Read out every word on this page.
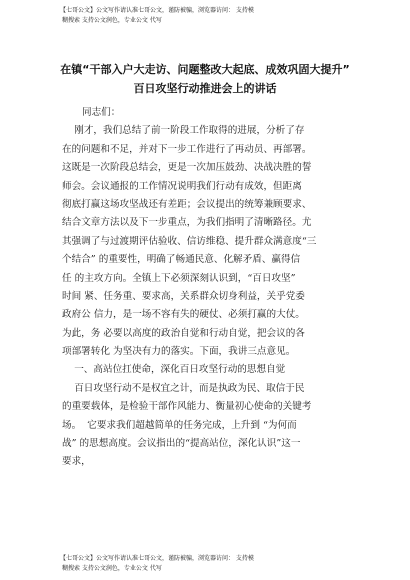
【七哥公文】公文写作请认准七哥公文，谨防被骗，浏览器访问： 支持模
糊搜索 支持公文润色，专业公文 代写
在镇“干部入户大走访、问题整改大起底、成效巩固大提升”
百日攻坚行动推进会上的讲话
同志们：
刚才，我们总结了前一阶段工作取得的进展，分析了存
在的问题和不足，并对下一步工作进行了再动员、再部署。
这既是一次阶段总结会，更是一次加压鼓劲、决战决胜的誓
师会。会议通报的工作情况说明我们行动有成效，但距离
彻底打赢这场攻坚战还有差距；会议提出的统筹兼顾要求、
结合文章方法以及下一步重点，为我们指明了清晰路径。尤
其强调了与过渡期评估验收、信访维稳、提升群众满意度“三
个结合” 的重要性，明确了畅通民意、化解矛盾、赢得信
任 的主攻方向。全镇上下必须深刻认识到，“百日攻坚”
时间 紧、任务重、要求高，关系群众切身利益，关乎党委
政府公 信力，是一场不容有失的硬仗、必须打赢的大仗。
为此，务 必要以高度的政治自觉和行动自觉，把会议的各
项部署转化 为坚决有力的落实。下面，我讲三点意见。
一、高站位扛使命，深化百日攻坚行动的思想自觉
百日攻坚行动不是权宜之计，而是执政为民、取信于民
的重要载体，是检验干部作风能力、衡量初心使命的关键考
场。  它要求我们超越简单的任务完成，上升到 “为何而
战” 的思想高度。会议指出的“提高站位，深化认识”这一
要求，
【七哥公文】公文写作请认准七哥公文，谨防被骗，浏览器访问： 支持模
糊搜索 支持公文润色，专业公文 代写
